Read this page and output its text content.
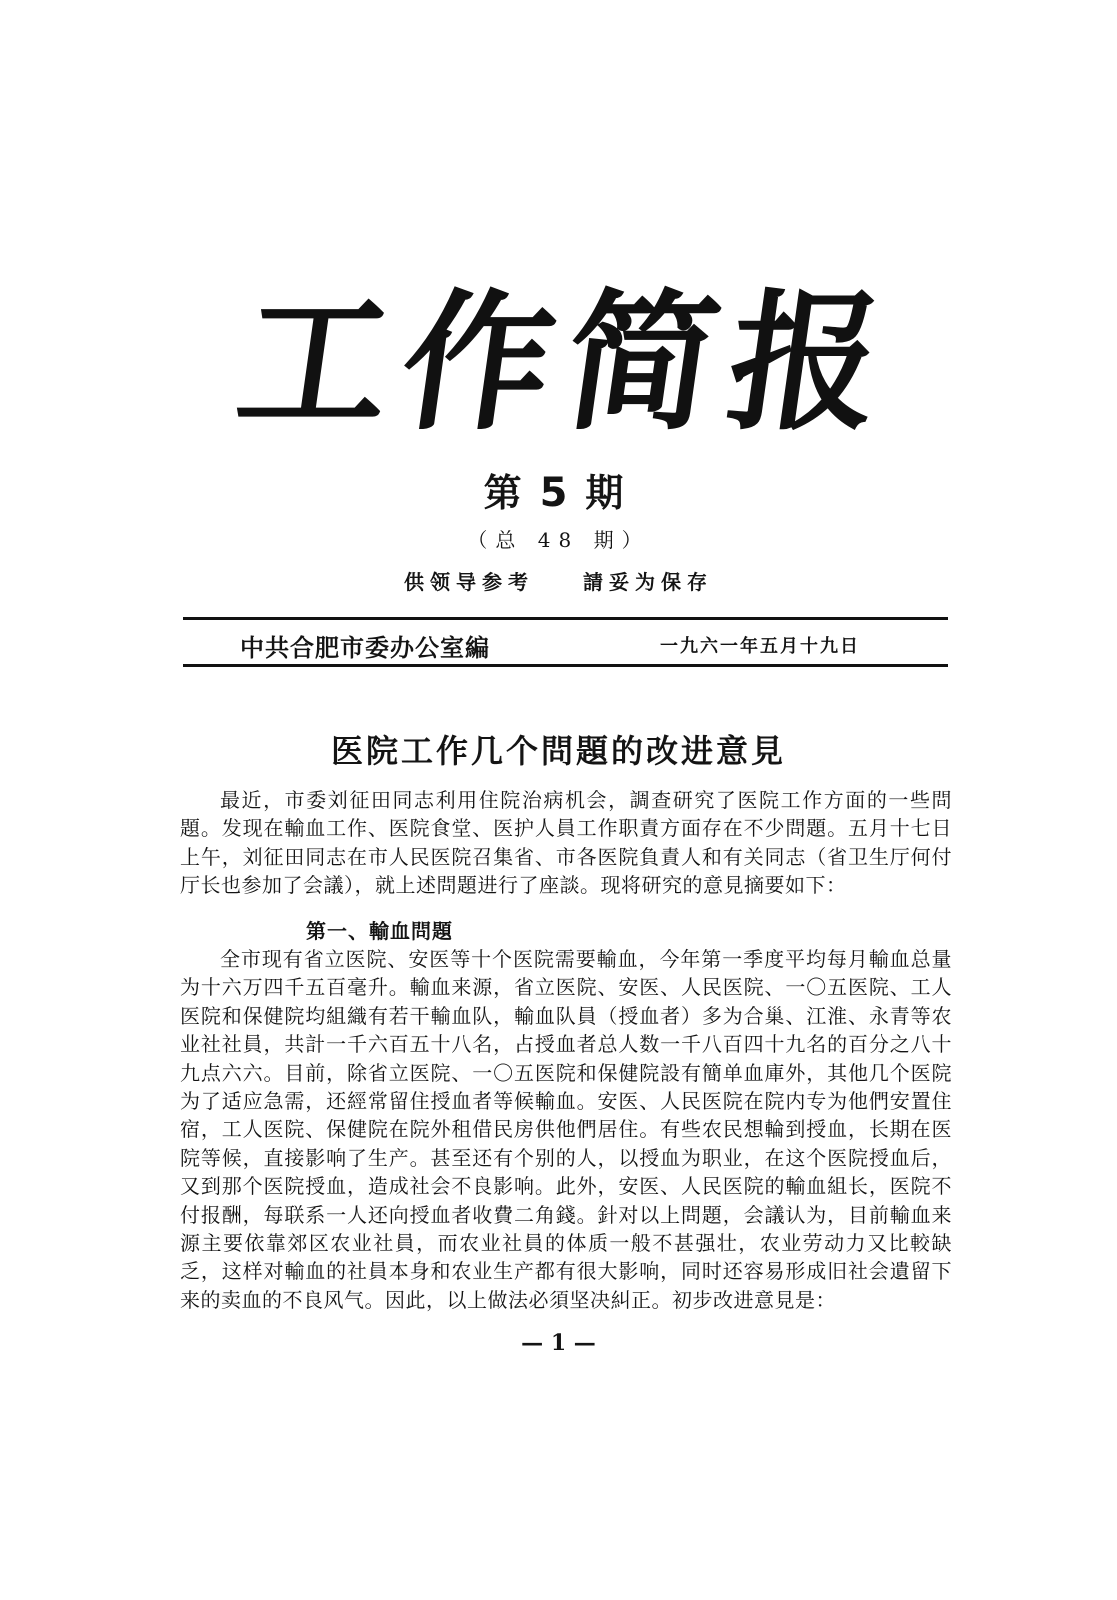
工
作
简
报
第 5 期
（总 48 期）
供领导参考 請妥为保存
中共合肥市委办公室編	一九六一年五月十九日
医院工作几个問題的改进意見

最近，市委刘征田同志利用住院治病机会，調查研究了医院工作方面的一些問題。发现在輸血工作、医院食堂、医护人員工作职責方面存在不少問題。五月十七日上午，刘征田同志在市人民医院召集省、市各医院負責人和有关同志（省卫生厅何付厅长也参加了会議），就上述問題进行了座談。现将研究的意見摘要如下：

第一、輸血問題

全市现有省立医院、安医等十个医院需要輸血，今年第一季度平均每月輸血总量为十六万四千五百毫升。輸血来源，省立医院、安医、人民医院、一〇五医院、工人医院和保健院均組織有若干輸血队，輸血队員（授血者）多为合巢、江淮、永青等农业社社員，共計一千六百五十八名，占授血者总人数一千八百四十九名的百分之八十九点六六。目前，除省立医院、一〇五医院和保健院設有簡单血庫外，其他几个医院为了适应急需，还經常留住授血者等候輸血。安医、人民医院在院内专为他們安置住宿，工人医院、保健院在院外租借民房供他們居住。有些农民想輪到授血，长期在医院等候，直接影响了生产。甚至还有个别的人，以授血为职业，在这个医院授血后，又到那个医院授血，造成社会不良影响。此外，安医、人民医院的輸血組长，医院不付报酬，每联系一人还向授血者收費二角錢。針对以上問題，会議认为，目前輸血来源主要依靠郊区农业社員，而农业社員的体质一般不甚强壮，农业劳动力又比較缺乏，这样对輸血的社員本身和农业生产都有很大影响，同时还容易形成旧社会遺留下来的卖血的不良风气。因此，以上做法必須坚决糾正。初步改进意見是：

— 1 —
